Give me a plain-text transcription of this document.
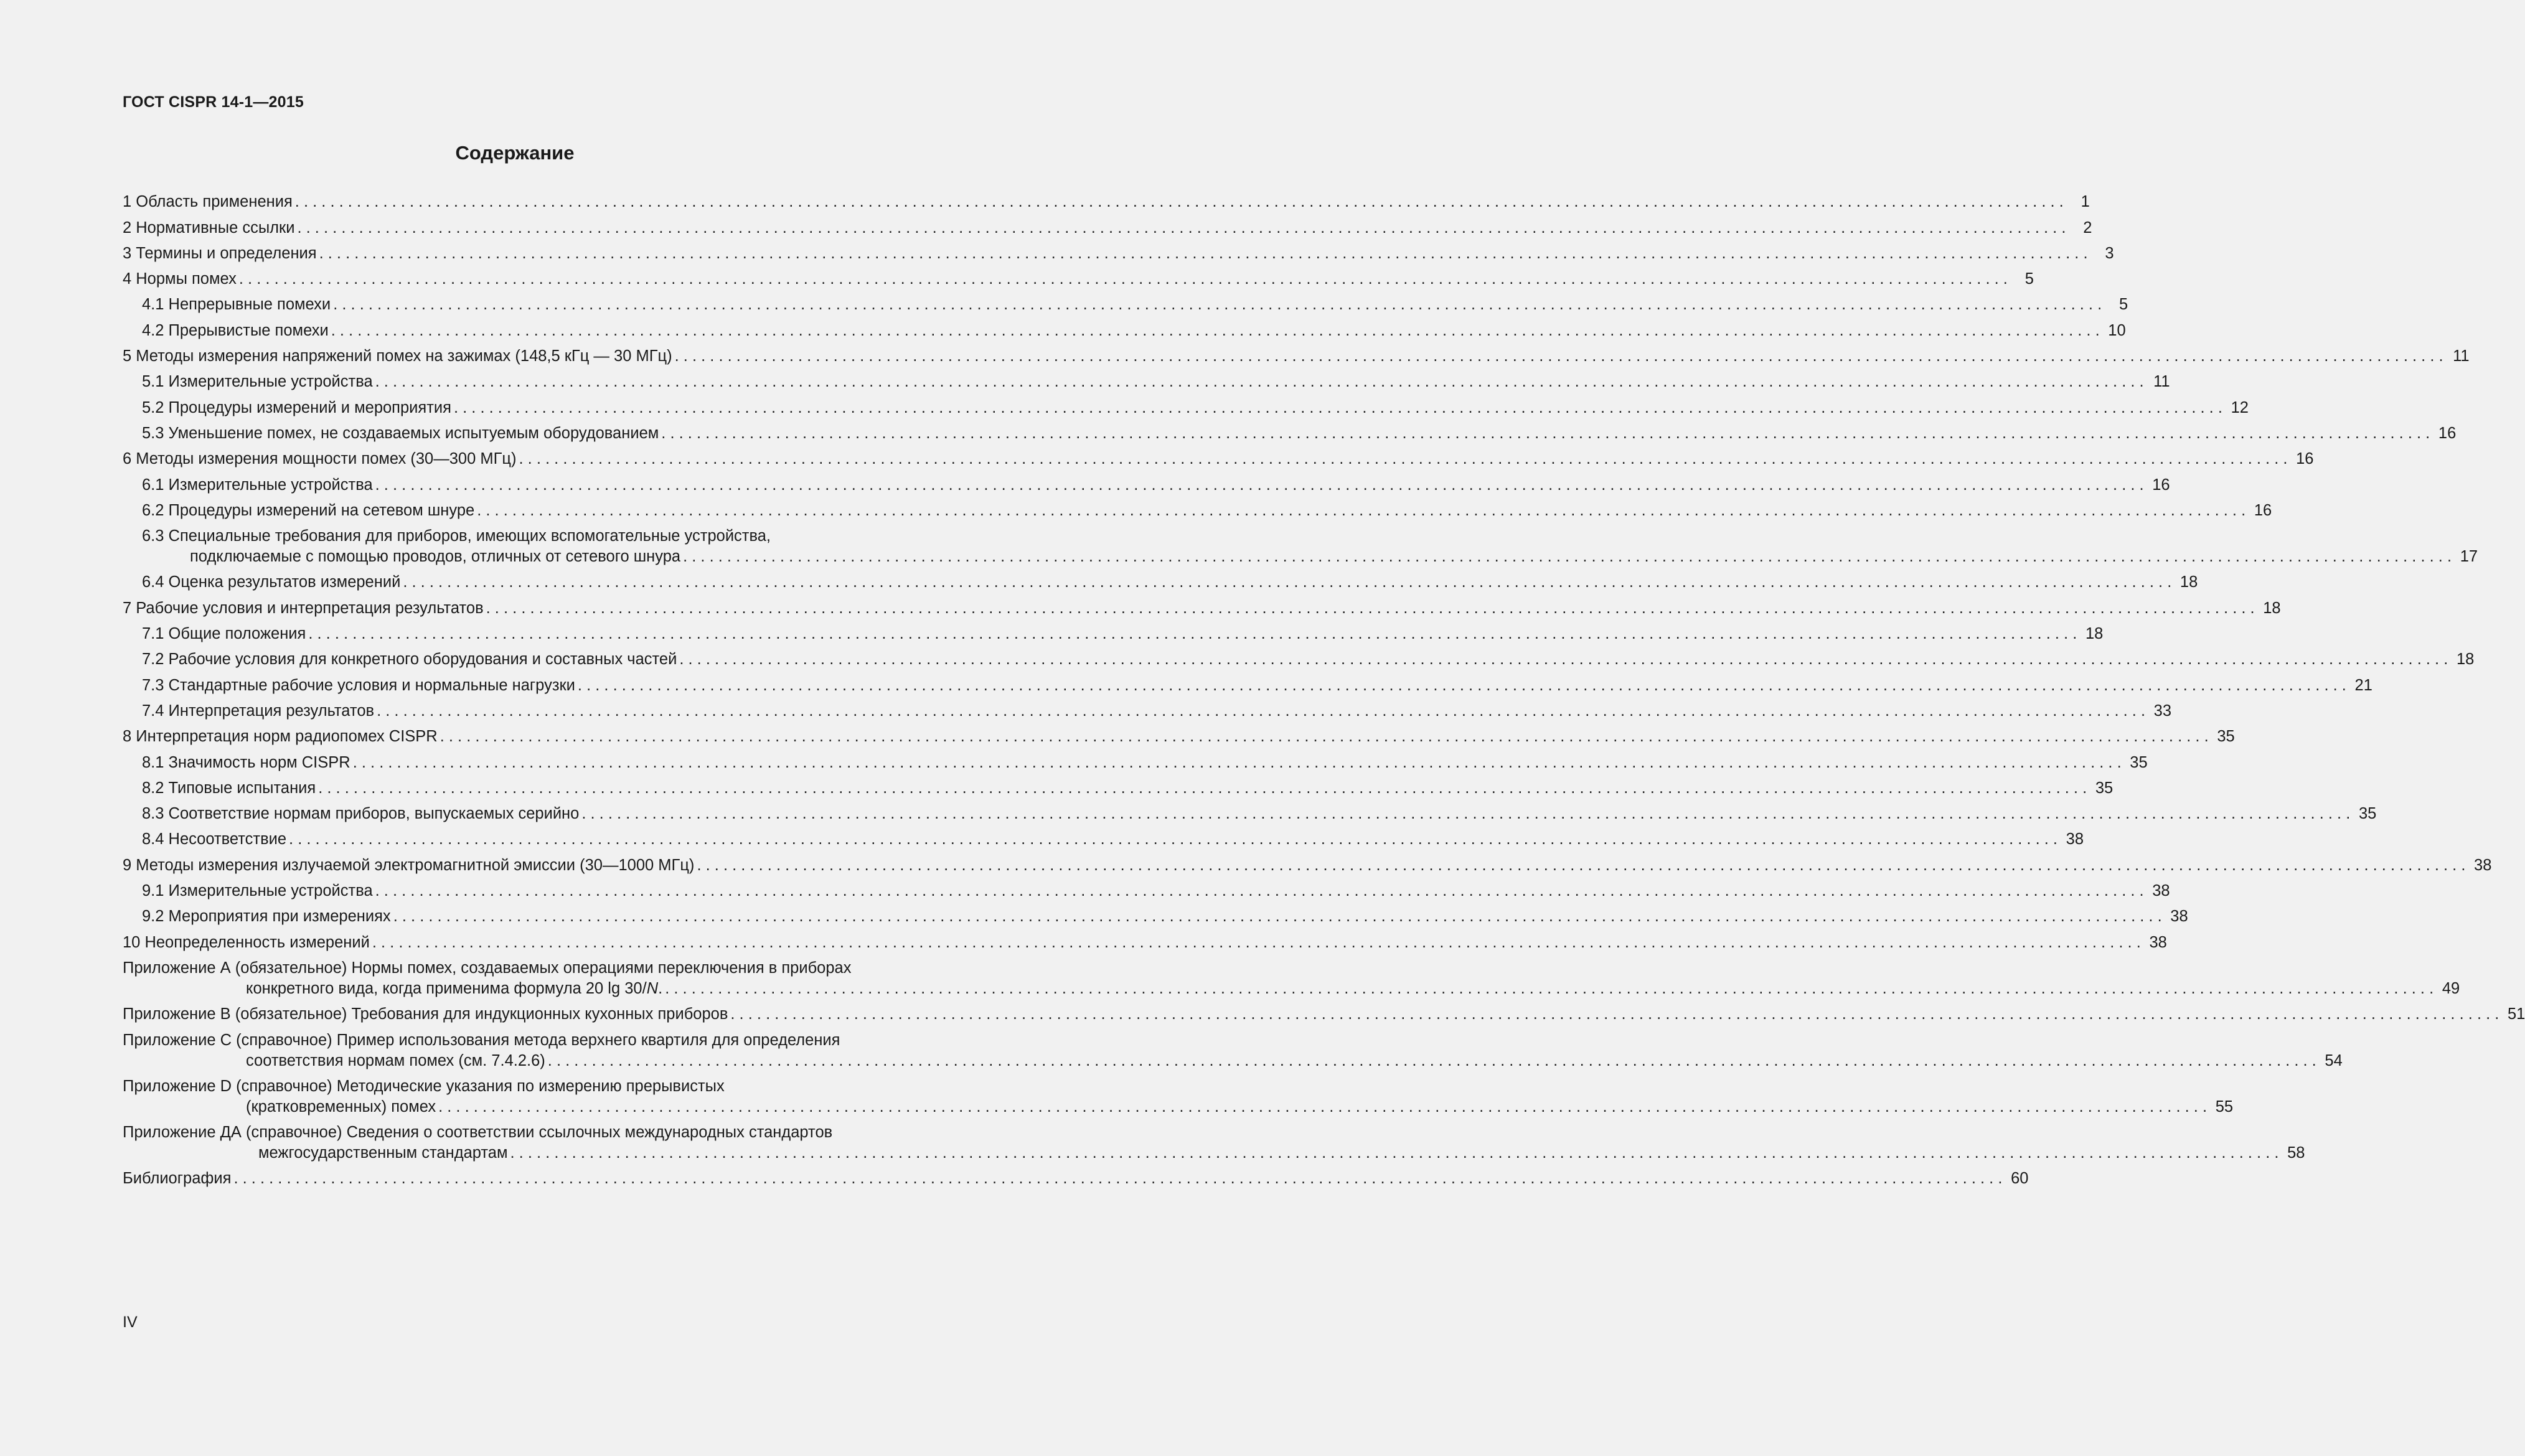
ГОСТ CISPR 14-1—2015
Содержание
1 Область применения . . .	1
2 Нормативные ссылки . . .	2
3 Термины и определения . . .	3
4 Нормы помех . . .	5
4.1 Непрерывные помехи . . .	5
4.2 Прерывистые помехи . . .	10
5 Методы измерения напряжений помех на зажимах (148,5 кГц — 30 МГц) . . .	11
5.1 Измерительные устройства . . .	11
5.2 Процедуры измерений и мероприятия . . .	12
5.3 Уменьшение помех, не создаваемых испытуемым оборудованием . . .	16
6 Методы измерения мощности помех (30—300 МГц) . . .	16
6.1 Измерительные устройства . . .	16
6.2 Процедуры измерений на сетевом шнуре . . .	16
6.3 Специальные требования для приборов, имеющих вспомогательные устройства,
подключаемые с помощью проводов, отличных от сетевого шнура . . .	17
6.4 Оценка результатов измерений . . .	18
7 Рабочие условия и интерпретация результатов . . .	18
7.1 Общие положения . . .	18
7.2 Рабочие условия для конкретного оборудования и составных частей . . .	18
7.3 Стандартные рабочие условия и нормальные нагрузки . . .	21
7.4 Интерпретация результатов . . .	33
8 Интерпретация норм радиопомех CISPR . . .	35
8.1 Значимость норм CISPR . . .	35
8.2 Типовые испытания . . .	35
8.3 Соответствие нормам приборов, выпускаемых серийно . . .	35
8.4 Несоответствие . . .	38
9 Методы измерения излучаемой электромагнитной эмиссии (30—1000 МГц) . . .	38
9.1 Измерительные устройства . . .	38
9.2 Мероприятия при измерениях . . .	38
10 Неопределенность измерений . . .	38
Приложение А (обязательное) Нормы помех, создаваемых операциями переключения в приборах
конкретного вида, когда применима формула 20 lg 30/N. . . .	49
Приложение В (обязательное) Требования для индукционных кухонных приборов . . .	51
Приложение С (справочное) Пример использования метода верхнего квартиля для определения
соответствия нормам помех (см. 7.4.2.6) . . .	54
Приложение D (справочное) Методические указания по измерению прерывистых
(кратковременных) помех . . .	55
Приложение ДА (справочное) Сведения о соответствии ссылочных международных стандартов
межгосударственным стандартам . . .	58
Библиография . . .	60
IV
